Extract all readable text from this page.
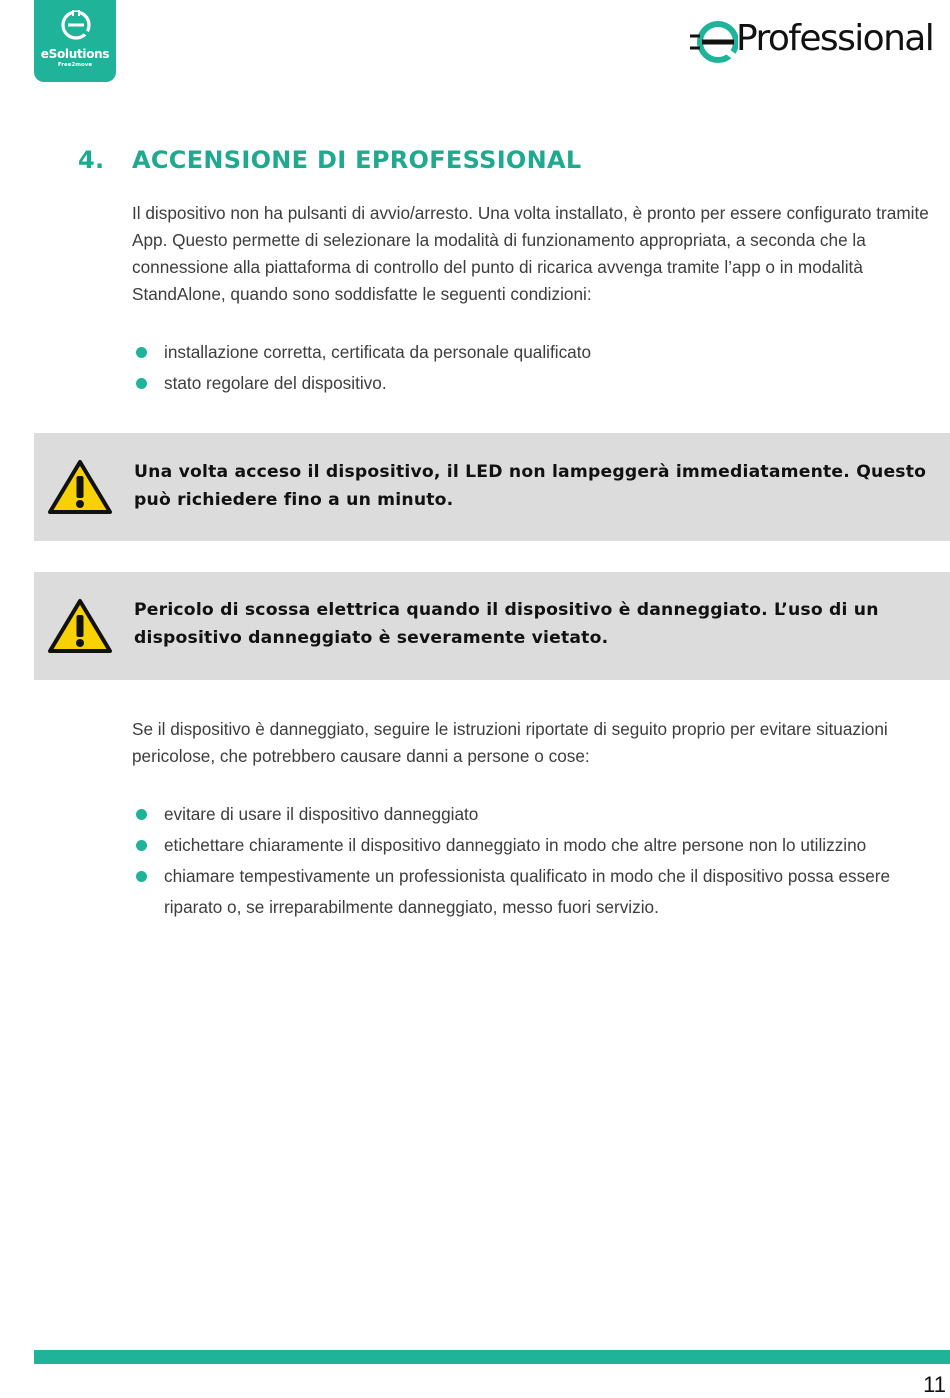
eSolutions
Free2move
Professional
4. ACCENSIONE DI EPROFESSIONAL

Il dispositivo non ha pulsanti di avvio/arresto. Una volta installato, è pronto per essere configurato tramite App. Questo permette di selezionare la modalità di funzionamento appropriata, a seconda che la connessione alla piattaforma di controllo del punto di ricarica avvenga tramite l’app o in modalità StandAlone, quando sono soddisfatte le seguenti condizioni:

installazione corretta, certificata da personale qualificato
stato regolare del dispositivo.
Una volta acceso il dispositivo, il LED non lampeggerà immediatamente. Questo può richiedere fino a un minuto.
Pericolo di scossa elettrica quando il dispositivo è danneggiato. L’uso di un dispositivo danneggiato è severamente vietato.

Se il dispositivo è danneggiato, seguire le istruzioni riportate di seguito proprio per evitare situazioni pericolose, che potrebbero causare danni a persone o cose:

evitare di usare il dispositivo danneggiato
etichettare chiaramente il dispositivo danneggiato in modo che altre persone non lo utilizzino
chiamare tempestivamente un professionista qualificato in modo che il dispositivo possa essere riparato o, se irreparabilmente danneggiato, messo fuori servizio.
11
